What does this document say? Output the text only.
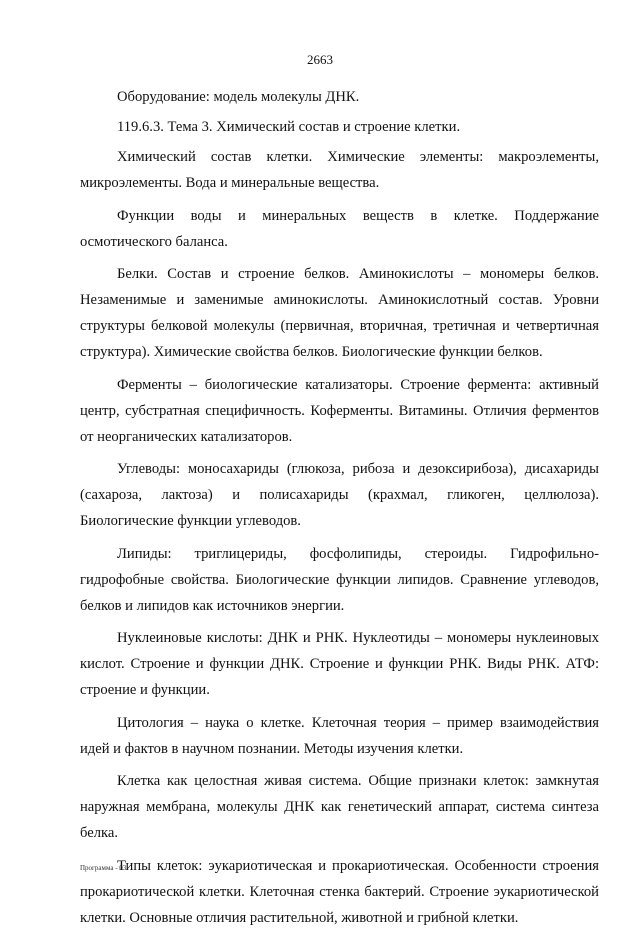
2663

Оборудование: модель молекулы ДНК.

119.6.3. Тема 3. Химический состав и строение клетки.

Химический состав клетки. Химические элементы: макроэлементы, микроэлементы. Вода и минеральные вещества.

Функции воды и минеральных веществ в клетке. Поддержание осмотического баланса.

Белки. Состав и строение белков. Аминокислоты – мономеры белков. Незаменимые и заменимые аминокислоты. Аминокислотный состав. Уровни структуры белковой молекулы (первичная, вторичная, третичная и четвертичная структура). Химические свойства белков. Биологические функции белков.

Ферменты – биологические катализаторы. Строение фермента: активный центр, субстратная специфичность. Коферменты. Витамины. Отличия ферментов от неорганических катализаторов.

Углеводы: моносахариды (глюкоза, рибоза и дезоксирибоза), дисахариды (сахароза, лактоза) и полисахариды (крахмал, гликоген, целлюлоза). Биологические функции углеводов.

Липиды: триглицериды, фосфолипиды, стероиды. Гидрофильно-гидрофобные свойства. Биологические функции липидов. Сравнение углеводов, белков и липидов как источников энергии.

Нуклеиновые кислоты: ДНК и РНК. Нуклеотиды – мономеры нуклеиновых кислот. Строение и функции ДНК. Строение и функции РНК. Виды РНК. АТФ: строение и функции.

Цитология – наука о клетке. Клеточная теория – пример взаимодействия идей и фактов в научном познании. Методы изучения клетки.

Клетка как целостная живая система. Общие признаки клеток: замкнутая наружная мембрана, молекулы ДНК как генетический аппарат, система синтеза белка.

Типы клеток: эукариотическая и прокариотическая. Особенности строения прокариотической клетки. Клеточная стенка бактерий. Строение эукариотической клетки. Основные отличия растительной, животной и грибной клетки.

Программа - 03
